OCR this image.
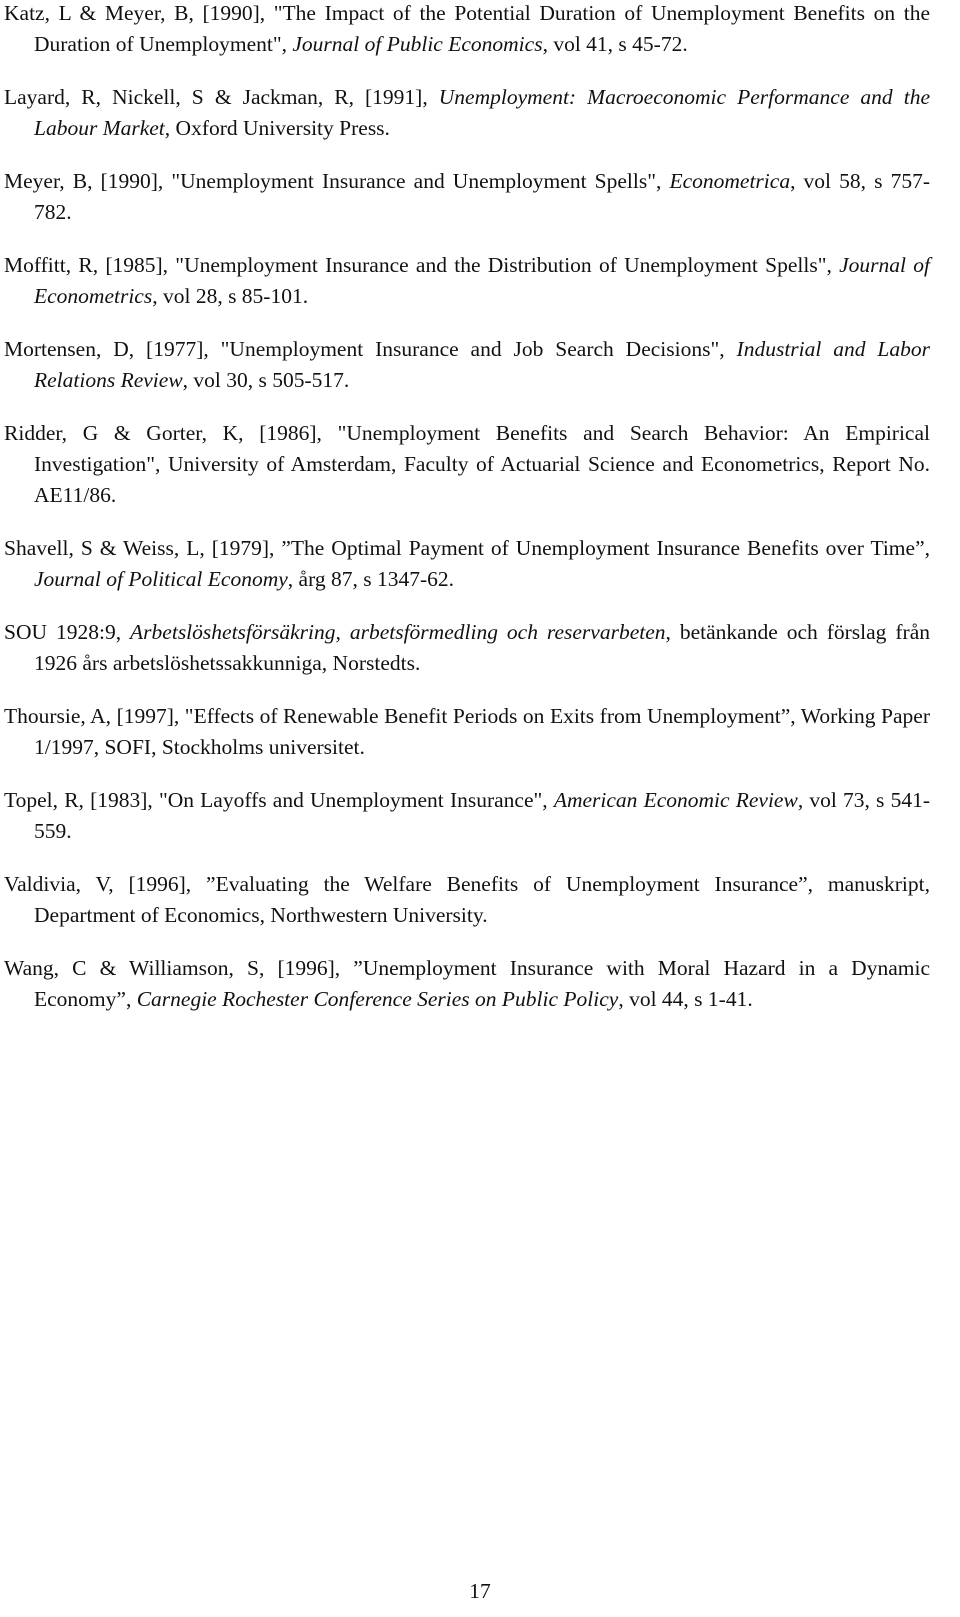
Katz, L & Meyer, B, [1990], "The Impact of the Potential Duration of Unemployment Benefits on the Duration of Unemployment", Journal of Public Economics, vol 41, s 45-72.

Layard, R, Nickell, S & Jackman, R, [1991], Unemployment: Macroeconomic Performance and the Labour Market, Oxford University Press.

Meyer, B, [1990], "Unemployment Insurance and Unemployment Spells", Econometrica, vol 58, s 757-782.

Moffitt, R, [1985], "Unemployment Insurance and the Distribution of Unemployment Spells", Journal of Econometrics, vol 28, s 85-101.

Mortensen, D, [1977], "Unemployment Insurance and Job Search Decisions", Industrial and Labor Relations Review, vol 30, s 505-517.

Ridder, G & Gorter, K, [1986], "Unemployment Benefits and Search Behavior: An Empirical Investigation", University of Amsterdam, Faculty of Actuarial Science and Econometrics, Report No. AE11/86.

Shavell, S & Weiss, L, [1979], ”The Optimal Payment of Unemployment Insurance Benefits over Time”, Journal of Political Economy, årg 87, s 1347-62.

SOU 1928:9, Arbetslöshetsförsäkring, arbetsförmedling och reservarbeten, betänkande och förslag från 1926 års arbetslöshetssakkunniga, Norstedts.

Thoursie, A, [1997], "Effects of Renewable Benefit Periods on Exits from Unemployment”, Working Paper 1/1997, SOFI, Stockholms universitet.

Topel, R, [1983], "On Layoffs and Unemployment Insurance", American Economic Review, vol 73, s 541-559.

Valdivia, V, [1996], ”Evaluating the Welfare Benefits of Unemployment Insurance”, manuskript, Department of Economics, Northwestern University.

Wang, C & Williamson, S, [1996], ”Unemployment Insurance with Moral Hazard in a Dynamic Economy”, Carnegie Rochester Conference Series on Public Policy, vol 44, s 1-41.

17
